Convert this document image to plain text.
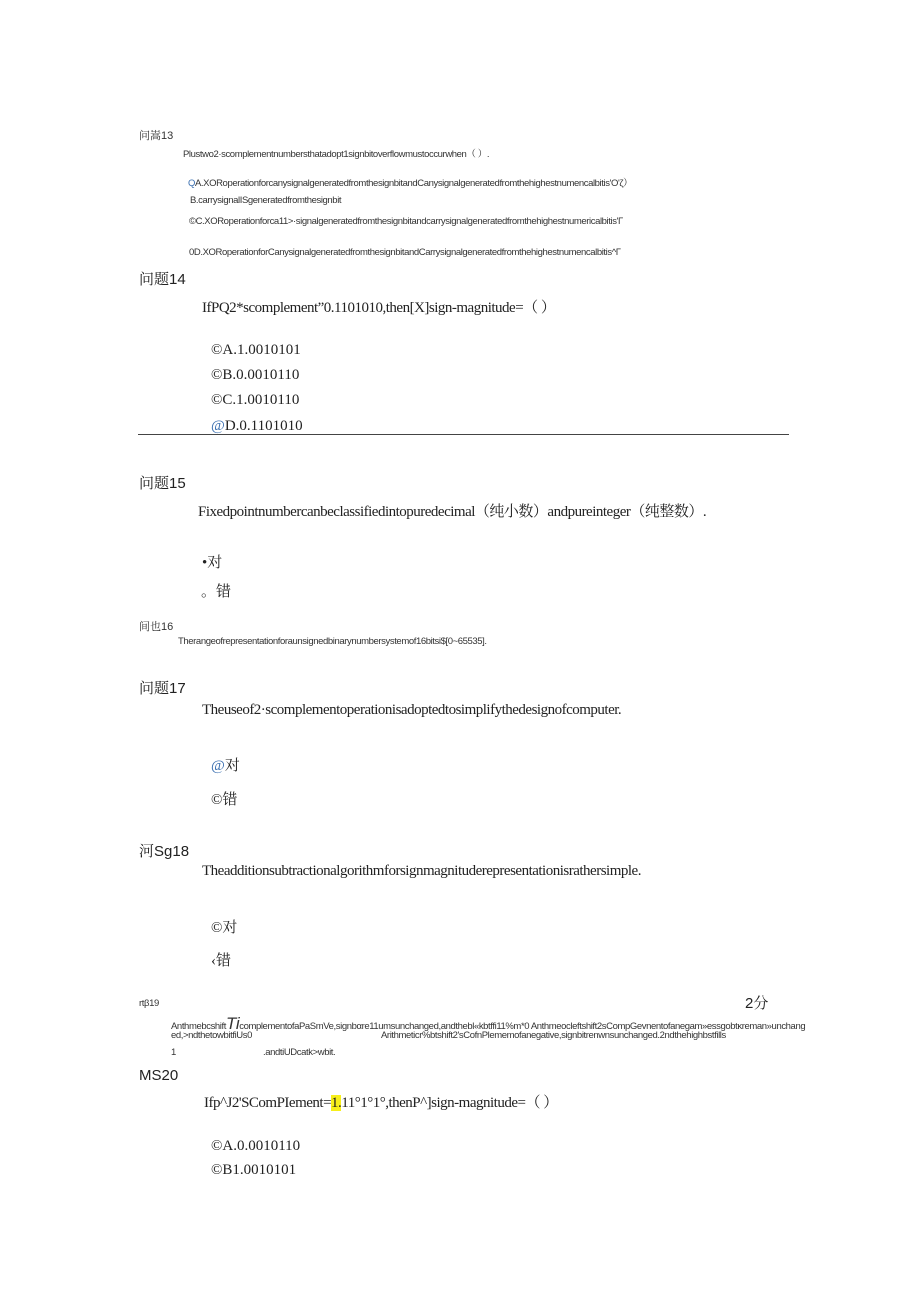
问嵩13
Plustwo2·scomplementnumbersthatadopt1signbitoverflowmustoccurwhen（ ）.
QA.XORoperationforcanysignalgeneratedfromthesignbitandCanysignalgeneratedfromthehighestnumencalbitis'O'ζ）
B.carrysignalISgeneratedfromthesignbit
©C.XORoperationforca11>·signalgeneratedfromthesignbitandcarrysignalgeneratedfromthehighestnumericalbitis'Γ
0D.XORoperationforCanysignalgeneratedfromthesignbitandCarrysignalgeneratedfromthehighestnumencalbitis^Γ
问题14
IfPQ2*scomplement”0.1101010,then[X]sign-magnitude=（ ）
©A.1.0010101
©B.0.0010110
©C.1.0010110
@D.0.1101010
问题15
Fixedpointnumbercanbeclassifiedintopuredecimal（纯小数）andpureinteger（纯整数）.
•对
。错
间也16
Therangeofrepresentationforaunsignedbinarynumbersystemof16bitsi$[0~65535].
问题17
Theuseof2·scomplementoperationisadoptedtosimplifythedesignofcomputer.
@对
©错
河Sg18
Theadditionsubtractionalgorithmforsignmagnituderepresentationisrathersimple.
©对
‹错
rtβ19	2分
AnthmebcshiftTicomplementofaPaSmVe,signbαre11umsunchanged,andthebl«kbtffi11%m*0 Anthmeocleftshift2sCompGevnentofanegam»essgobtκreman»unchang
ed,>ndthetowbitfiUs0	Arithmeticr%btshift2'sCofnPlememofanegative,signbitrenwnsunchanged.2ndthehighbstfills
1	.andtiUDcatk>wbit.
MS20
Ifp^J2'SComPIement=1.11°1°1°,thenP^]sign-magnitude=（ ）
©A.0.0010110
©B1.0010101
